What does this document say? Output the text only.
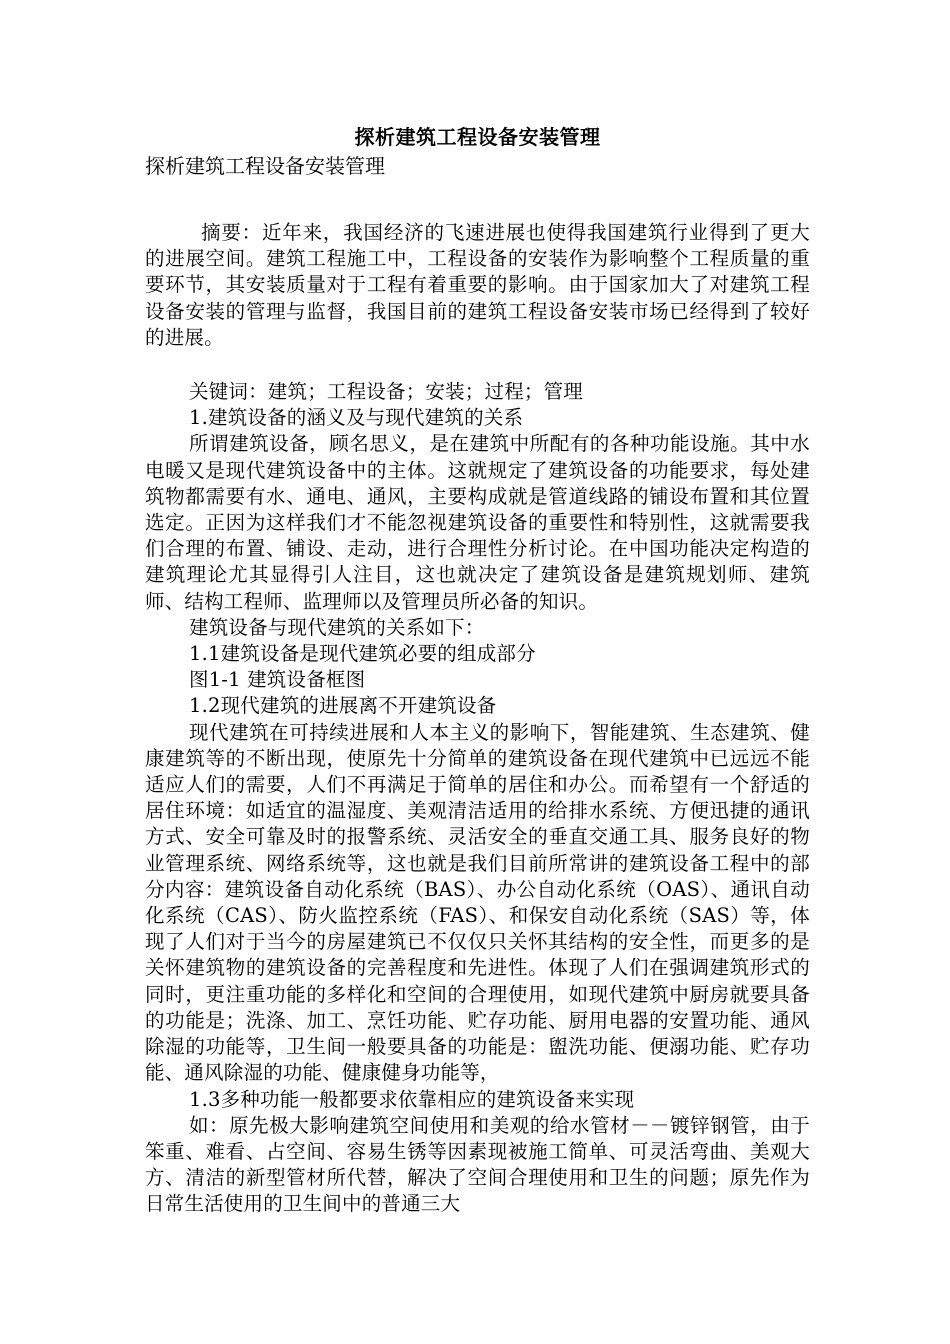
探析建筑工程设备安装管理

探析建筑工程设备安装管理

摘要：近年来，我国经济的飞速进展也使得我国建筑行业得到了更大的进展空间。建筑工程施工中，工程设备的安装作为影响整个工程质量的重要环节，其安装质量对于工程有着重要的影响。由于国家加大了对建筑工程设备安装的管理与监督，我国目前的建筑工程设备安装市场已经得到了较好的进展。

关键词：建筑；工程设备；安装；过程；管理

1.建筑设备的涵义及与现代建筑的关系

所谓建筑设备，顾名思义，是在建筑中所配有的各种功能设施。其中水电暖又是现代建筑设备中的主体。这就规定了建筑设备的功能要求，每处建筑物都需要有水、通电、通风，主要构成就是管道线路的铺设布置和其位置选定。正因为这样我们才不能忽视建筑设备的重要性和特别性，这就需要我们合理的布置、铺设、走动，进行合理性分析讨论。在中国功能决定构造的建筑理论尤其显得引人注目，这也就决定了建筑设备是建筑规划师、建筑师、结构工程师、监理师以及管理员所必备的知识。

建筑设备与现代建筑的关系如下：

1.1建筑设备是现代建筑必要的组成部分

图1-1 建筑设备框图

1.2现代建筑的进展离不开建筑设备

现代建筑在可持续进展和人本主义的影响下，智能建筑、生态建筑、健康建筑等的不断出现，使原先十分简单的建筑设备在现代建筑中已远远不能适应人们的需要，人们不再满足于简单的居住和办公。而希望有一个舒适的居住环境：如适宜的温湿度、美观清洁适用的给排水系统、方便迅捷的通讯方式、安全可靠及时的报警系统、灵活安全的垂直交通工具、服务良好的物业管理系统、网络系统等，这也就是我们目前所常讲的建筑设备工程中的部分内容：建筑设备自动化系统（BAS）、办公自动化系统（OAS）、通讯自动化系统（CAS）、防火监控系统（FAS）、和保安自动化系统（SAS）等，体现了人们对于当今的房屋建筑已不仅仅只关怀其结构的安全性，而更多的是关怀建筑物的建筑设备的完善程度和先进性。体现了人们在强调建筑形式的同时，更注重功能的多样化和空间的合理使用，如现代建筑中厨房就要具备的功能是；洗涤、加工、烹饪功能、贮存功能、厨用电器的安置功能、通风除湿的功能等，卫生间一般要具备的功能是：盥洗功能、便溺功能、贮存功能、通风除湿的功能、健康健身功能等，

1.3多种功能一般都要求依靠相应的建筑设备来实现

如：原先极大影响建筑空间使用和美观的给水管材－－镀锌钢管，由于笨重、难看、占空间、容易生锈等因素现被施工简单、可灵活弯曲、美观大方、清洁的新型管材所代替，解决了空间合理使用和卫生的问题；原先作为日常生活使用的卫生间中的普通三大
